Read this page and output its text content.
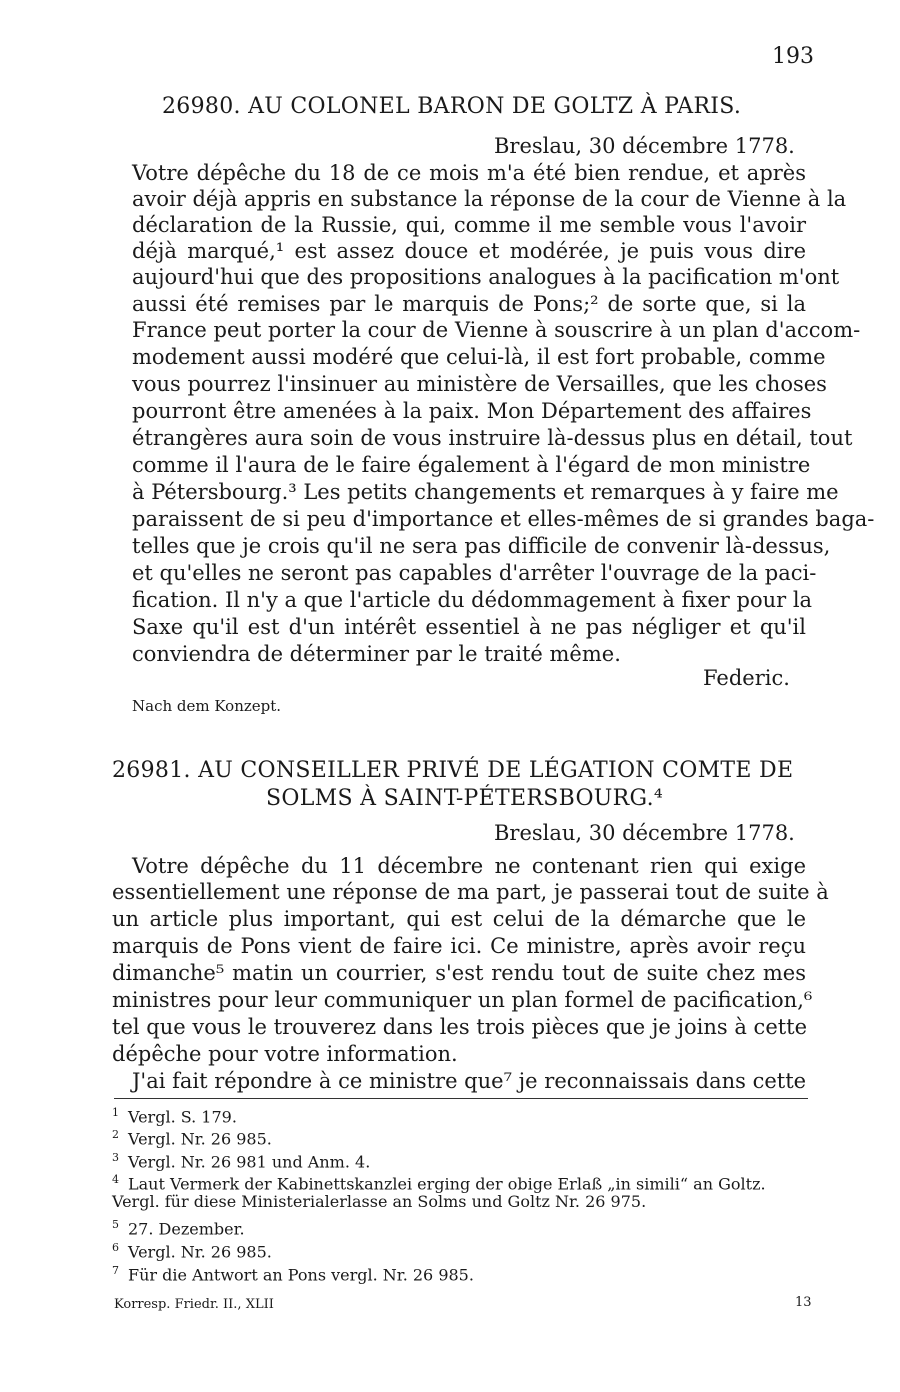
193
26980. AU COLONEL BARON DE GOLTZ À PARIS.
Breslau, 30 décembre 1778.
Votre dépêche du 18 de ce mois m'a été bien rendue, et après
avoir déjà appris en substance la réponse de la cour de Vienne à la
déclaration de la Russie, qui, comme il me semble vous l'avoir
déjà marqué,¹ est assez douce et modérée, je puis vous dire
aujourd'hui que des propositions analogues à la pacification m'ont
aussi été remises par le marquis de Pons;² de sorte que, si la
France peut porter la cour de Vienne à souscrire à un plan d'accom-
modement aussi modéré que celui-là, il est fort probable, comme
vous pourrez l'insinuer au ministère de Versailles, que les choses
pourront être amenées à la paix. Mon Département des affaires
étrangères aura soin de vous instruire là-dessus plus en détail, tout
comme il l'aura de le faire également à l'égard de mon ministre
à Pétersbourg.³ Les petits changements et remarques à y faire me
paraissent de si peu d'importance et elles-mêmes de si grandes baga-
telles que je crois qu'il ne sera pas difficile de convenir là-dessus,
et qu'elles ne seront pas capables d'arrêter l'ouvrage de la paci-
fication. Il n'y a que l'article du dédommagement à fixer pour la
Saxe qu'il est d'un intérêt essentiel à ne pas négliger et qu'il
conviendra de déterminer par le traité même.
Federic.
Nach dem Konzept.
26981. AU CONSEILLER PRIVÉ DE LÉGATION COMTE DE
SOLMS À SAINT-PÉTERSBOURG.⁴
Breslau, 30 décembre 1778.
Votre dépêche du 11 décembre ne contenant rien qui exige
essentiellement une réponse de ma part, je passerai tout de suite à
un article plus important, qui est celui de la démarche que le
marquis de Pons vient de faire ici. Ce ministre, après avoir reçu
dimanche⁵ matin un courrier, s'est rendu tout de suite chez mes
ministres pour leur communiquer un plan formel de pacification,⁶
tel que vous le trouverez dans les trois pièces que je joins à cette
dépêche pour votre information.
J'ai fait répondre à ce ministre que⁷ je reconnaissais dans cette
1 Vergl. S. 179.
2 Vergl. Nr. 26 985.
3 Vergl. Nr. 26 981 und Anm. 4.
4 Laut Vermerk der Kabinettskanzlei erging der obige Erlaß „in simili“ an Goltz.
Vergl. für diese Ministerialerlasse an Solms und Goltz Nr. 26 975.
5 27. Dezember.
6 Vergl. Nr. 26 985.
7 Für die Antwort an Pons vergl. Nr. 26 985.
Korresp. Friedr. II., XLII	13
